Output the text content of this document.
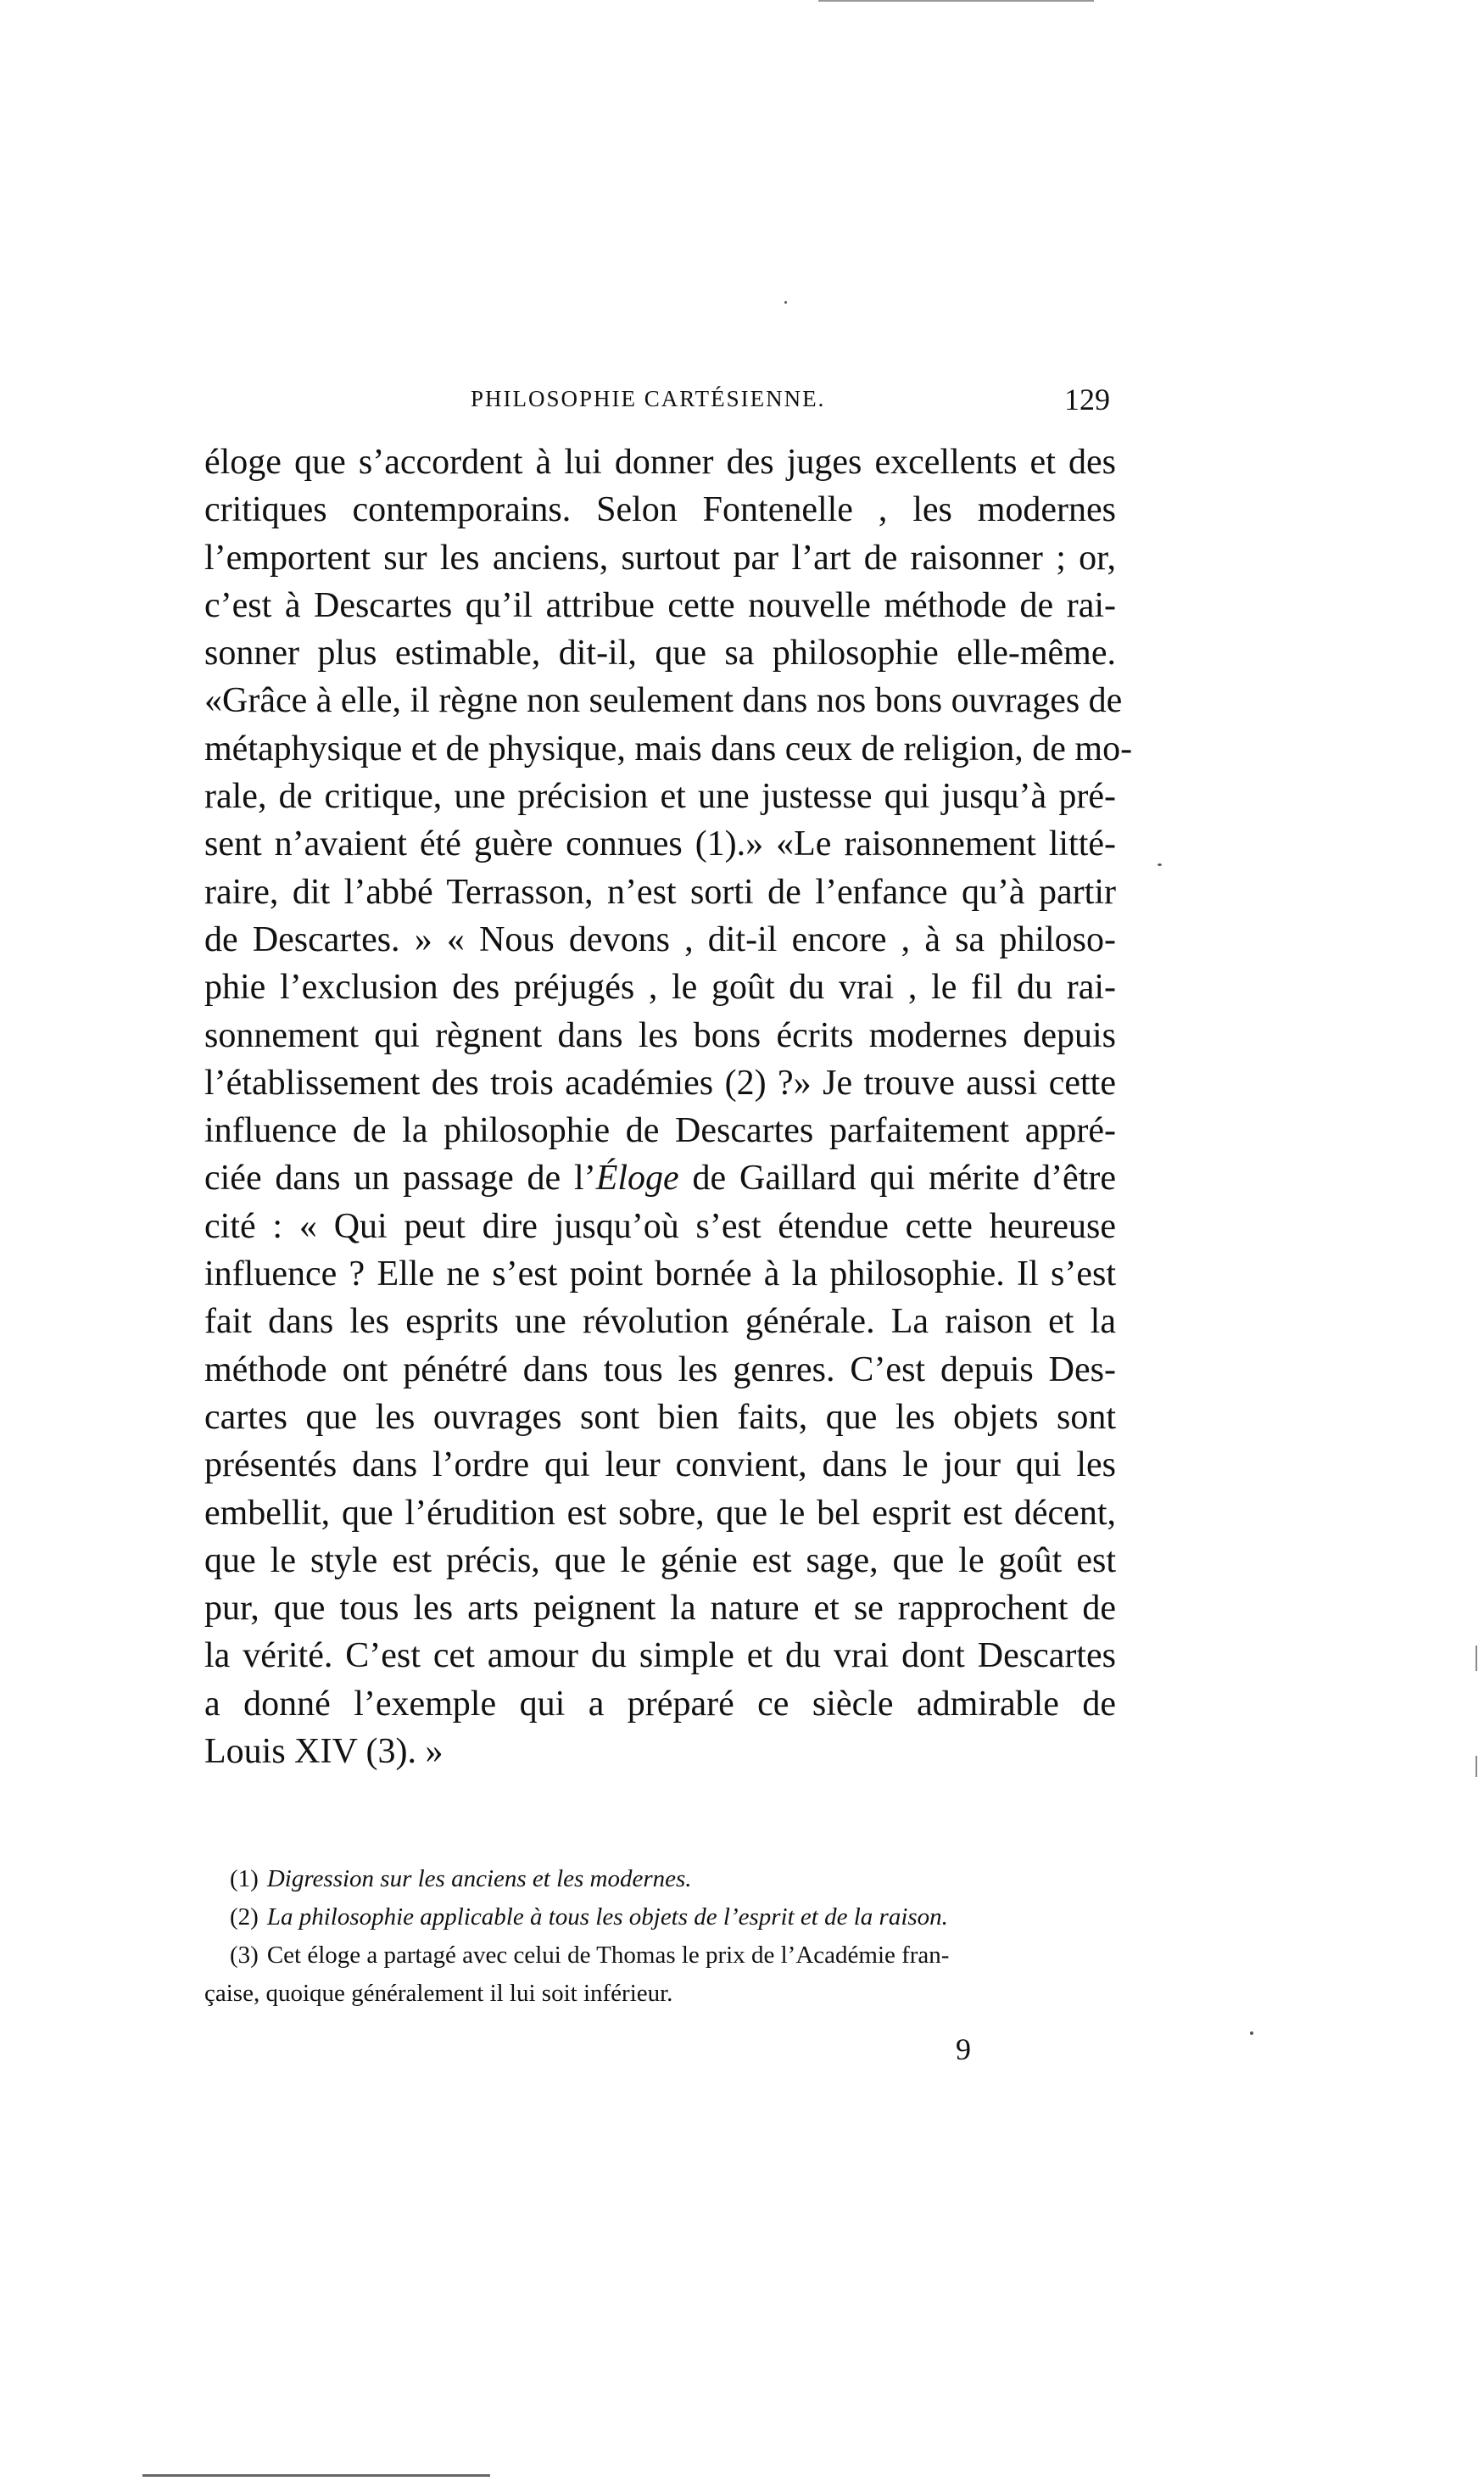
PHILOSOPHIE CARTÉSIENNE.	129
éloge que s’accordent à lui donner des juges excellents et des
critiques contemporains. Selon Fontenelle , les modernes
l’emportent sur les anciens, surtout par l’art de raisonner ; or,
c’est à Descartes qu’il attribue cette nouvelle méthode de rai-
sonner plus estimable, dit-il, que sa philosophie elle-même.
«Grâce à elle, il règne non seulement dans nos bons ouvrages de
métaphysique et de physique, mais dans ceux de religion, de mo-
rale, de critique, une précision et une justesse qui jusqu’à pré-
sent n’avaient été guère connues (1).» «Le raisonnement litté-
raire, dit l’abbé Terrasson, n’est sorti de l’enfance qu’à partir
de Descartes. » « Nous devons , dit-il encore , à sa philoso-
phie l’exclusion des préjugés , le goût du vrai , le fil du rai-
sonnement qui règnent dans les bons écrits modernes depuis
l’établissement des trois académies (2) ?» Je trouve aussi cette
influence de la philosophie de Descartes parfaitement appré-
ciée dans un passage de l’Éloge de Gaillard qui mérite d’être
cité : « Qui peut dire jusqu’où s’est étendue cette heureuse
influence ? Elle ne s’est point bornée à la philosophie. Il s’est
fait dans les esprits une révolution générale. La raison et la
méthode ont pénétré dans tous les genres. C’est depuis Des-
cartes que les ouvrages sont bien faits, que les objets sont
présentés dans l’ordre qui leur convient, dans le jour qui les
embellit, que l’érudition est sobre, que le bel esprit est décent,
que le style est précis, que le génie est sage, que le goût est
pur, que tous les arts peignent la nature et se rapprochent de
la vérité. C’est cet amour du simple et du vrai dont Descartes
a donné l’exemple qui a préparé ce siècle admirable de
Louis XIV (3). »
(1) Digression sur les anciens et les modernes.
(2) La philosophie applicable à tous les objets de l’esprit et de la raison.
(3) Cet éloge a partagé avec celui de Thomas le prix de l’Académie fran-
çaise, quoique généralement il lui soit inférieur.
9
